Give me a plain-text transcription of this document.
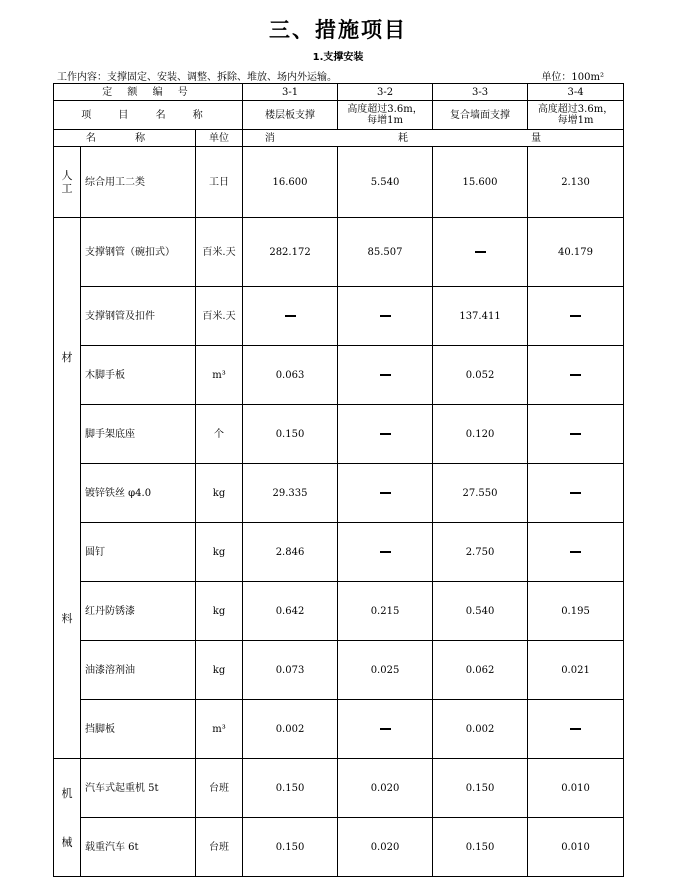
三、措施项目
1.支撑安装
工作内容：支撑固定、安装、调整、拆除、堆放、场内外运输。	单位：100m²
定 额 编 号			3-1	3-2	3-3	3-4
项 目 名 称			楼层板支撑	高度超过3.6m，每增1m	复合墙面支撑	高度超过3.6m，每增1m
名 称		单位	消 耗 量			

人
工	综合用工二类	工日	16.600	5.540	15.600	2.130

材
料	支撑钢管（碗扣式）	百米.天	282.172	85.507		40.179
	支撑钢管及扣件	百米.天			137.411	
	木脚手板	m³	0.063		0.052	
	脚手架底座	个	0.150		0.120	
	镀锌铁丝 φ4.0	kg	29.335		27.550	
	圆钉	kg	2.846		2.750	
	红丹防锈漆	kg	0.642	0.215	0.540	0.195
	油漆溶剂油	kg	0.073	0.025	0.062	0.021
	挡脚板	m³	0.002		0.002	

机
械	汽车式起重机 5t	台班	0.150	0.020	0.150	0.010
	载重汽车 6t	台班	0.150	0.020	0.150	0.010
